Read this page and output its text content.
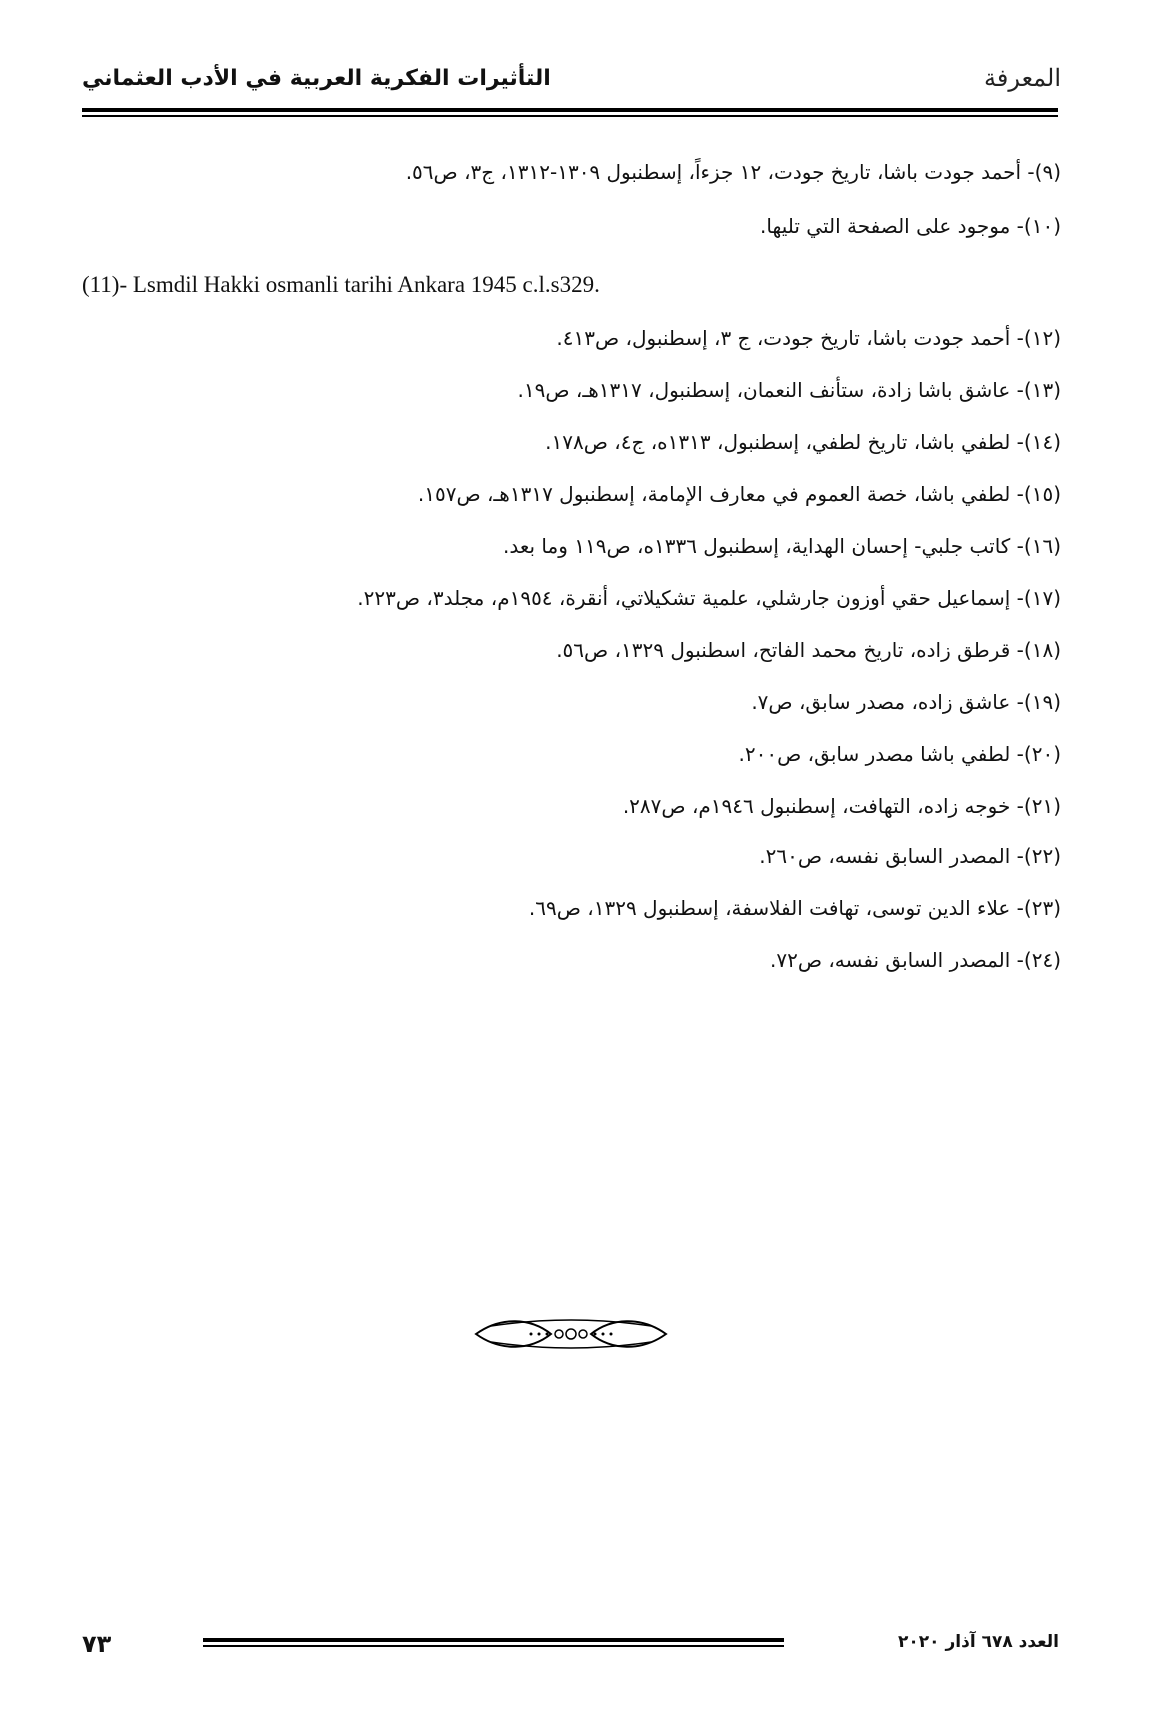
المعرفة
التأثيرات الفكرية العربية في الأدب العثماني
(٩)- أحمد جودت باشا، تاريخ جودت، ١٢ جزءاً، إسطنبول ١٣٠٩-١٣١٢، ج٣، ص٥٦.
(١٠)- موجود على الصفحة التي تليها.
(11)- Lsmdil Hakki osmanli tarihi Ankara 1945 c.l.s329.
(١٢)- أحمد جودت باشا، تاريخ جودت، ج ٣، إسطنبول، ص٤١٣.
(١٣)- عاشق باشا زادة، ستأنف النعمان، إسطنبول، ١٣١٧هـ، ص١٩.
(١٤)- لطفي باشا، تاريخ لطفي، إسطنبول، ١٣١٣ه، ج٤، ص١٧٨.
(١٥)- لطفي باشا، خصة العموم في معارف الإمامة، إسطنبول ١٣١٧هـ، ص١٥٧.
(١٦)- كاتب جلبي- إحسان الهداية، إسطنبول ١٣٣٦ه، ص١١٩ وما بعد.
(١٧)- إسماعيل حقي أوزون جارشلي، علمية تشكيلاتي، أنقرة، ١٩٥٤م، مجلد٣، ص٢٢٣.
(١٨)- قرطق زاده، تاريخ محمد الفاتح، اسطنبول ١٣٢٩، ص٥٦.
(١٩)- عاشق زاده، مصدر سابق، ص٧.
(٢٠)- لطفي باشا مصدر سابق، ص٢٠٠.
(٢١)- خوجه زاده، التهافت، إسطنبول ١٩٤٦م، ص٢٨٧.
(٢٢)- المصدر السابق نفسه، ص٢٦٠.
(٢٣)- علاء الدين توسى، تهافت الفلاسفة، إسطنبول ١٣٢٩، ص٦٩.
(٢٤)- المصدر السابق نفسه، ص٧٢.
٧٣	العدد ٦٧٨ آذار ٢٠٢٠
